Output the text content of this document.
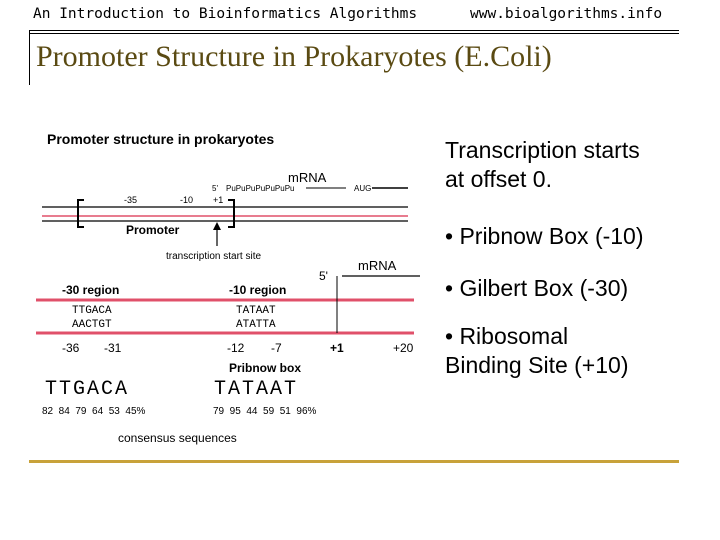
An Introduction to Bioinformatics Algorithms	www.bioalgorithms.info
Promoter Structure in Prokaryotes (E.Coli)
Promoter structure in prokaryotes
mRNA
5' PuPuPuPuPuPuPu	AUG
-35	-10 +1
Promoter
transcription start site
mRNA
5'
-30 region	-10 region
TTGACA
AACTGT
TATAAT
ATATTA
-36 -31	-12 -7	+1	+20
Pribnow box
TTGACA	TATAAT
82  84  79  64  53  45%	79  95  44  59  51  96%
consensus sequences

Transcription starts

at offset 0.

• Pribnow Box (-10)
• Gilbert Box (-30)
• Ribosomal
Binding Site (+10)
